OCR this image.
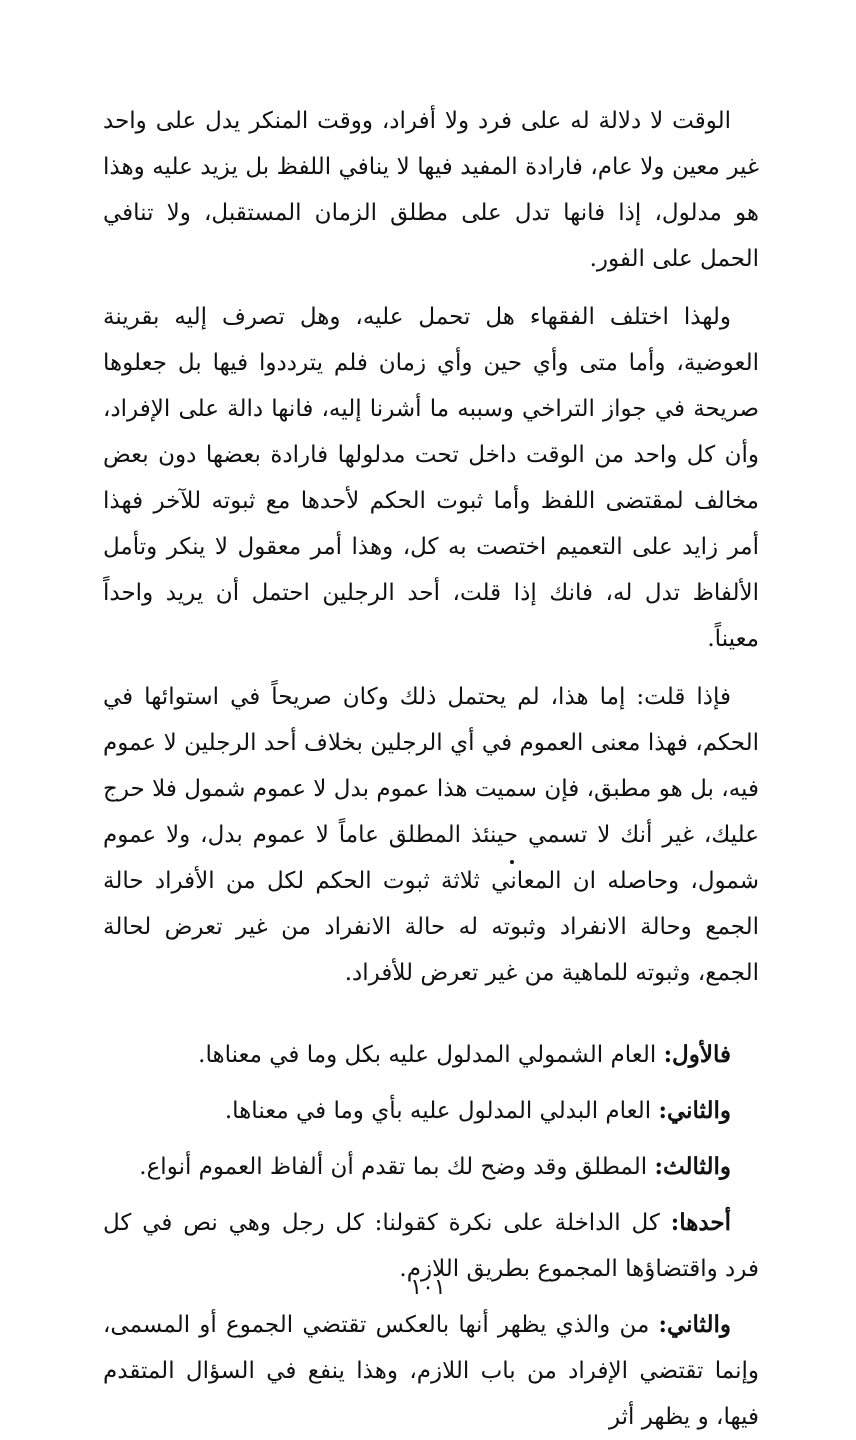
الوقت لا دلالة له على فرد ولا أفراد، ووقت المنكر يدل على واحد غير معين ولا عام، فارادة المفيد فيها لا ينافي اللفظ بل يزيد عليه وهذا هو مدلول، إذا فانها تدل على مطلق الزمان المستقبل، ولا تنافي الحمل على الفور.

ولهذا اختلف الفقهاء هل تحمل عليه، وهل تصرف إليه بقرينة العوضية، وأما متى وأي حين وأي زمان فلم يترددوا فيها بل جعلوها صريحة في جواز التراخي وسببه ما أشرنا إليه، فانها دالة على الإفراد، وأن كل واحد من الوقت داخل تحت مدلولها فارادة بعضها دون بعض مخالف لمقتضى اللفظ وأما ثبوت الحكم لأحدها مع ثبوته للآخر فهذا أمر زايد على التعميم اختصت به كل، وهذا أمر معقول لا ينكر وتأمل الألفاظ تدل له، فانك إذا قلت، أحد الرجلين احتمل أن يريد واحداً معيناً.

فإذا قلت: إما هذا، لم يحتمل ذلك وكان صريحاً في استوائها في الحكم، فهذا معنى العموم في أي الرجلين بخلاف أحد الرجلين لا عموم فيه، بل هو مطبق، فإن سميت هذا عموم بدل لا عموم شمول فلا حرج عليك، غير أنك لا تسمي حينئذ المطلق عاماً لا عموم بدل، ولا عموم شمول، وحاصله ان المعاني ثلاثة ثبوت الحكم لكل من الأفراد حالة الجمع وحالة الانفراد وثبوته له حالة الانفراد من غير تعرض لحالة الجمع، وثبوته للماهية من غير تعرض للأفراد.

فالأول: العام الشمولي المدلول عليه بكل وما في معناها.

والثاني: العام البدلي المدلول عليه بأي وما في معناها.

والثالث: المطلق وقد وضح لك بما تقدم أن ألفاظ العموم أنواع.

أحدها: كل الداخلة على نكرة كقولنا: كل رجل وهي نص في كل فرد واقتضاؤها المجموع بطريق اللازم.

والثاني: من والذي يظهر أنها بالعكس تقتضي الجموع أو المسمى، وإنما تقتضي الإفراد من باب اللازم، وهذا ينفع في السؤال المتقدم فيها، و يظهر أثر

١٠١
